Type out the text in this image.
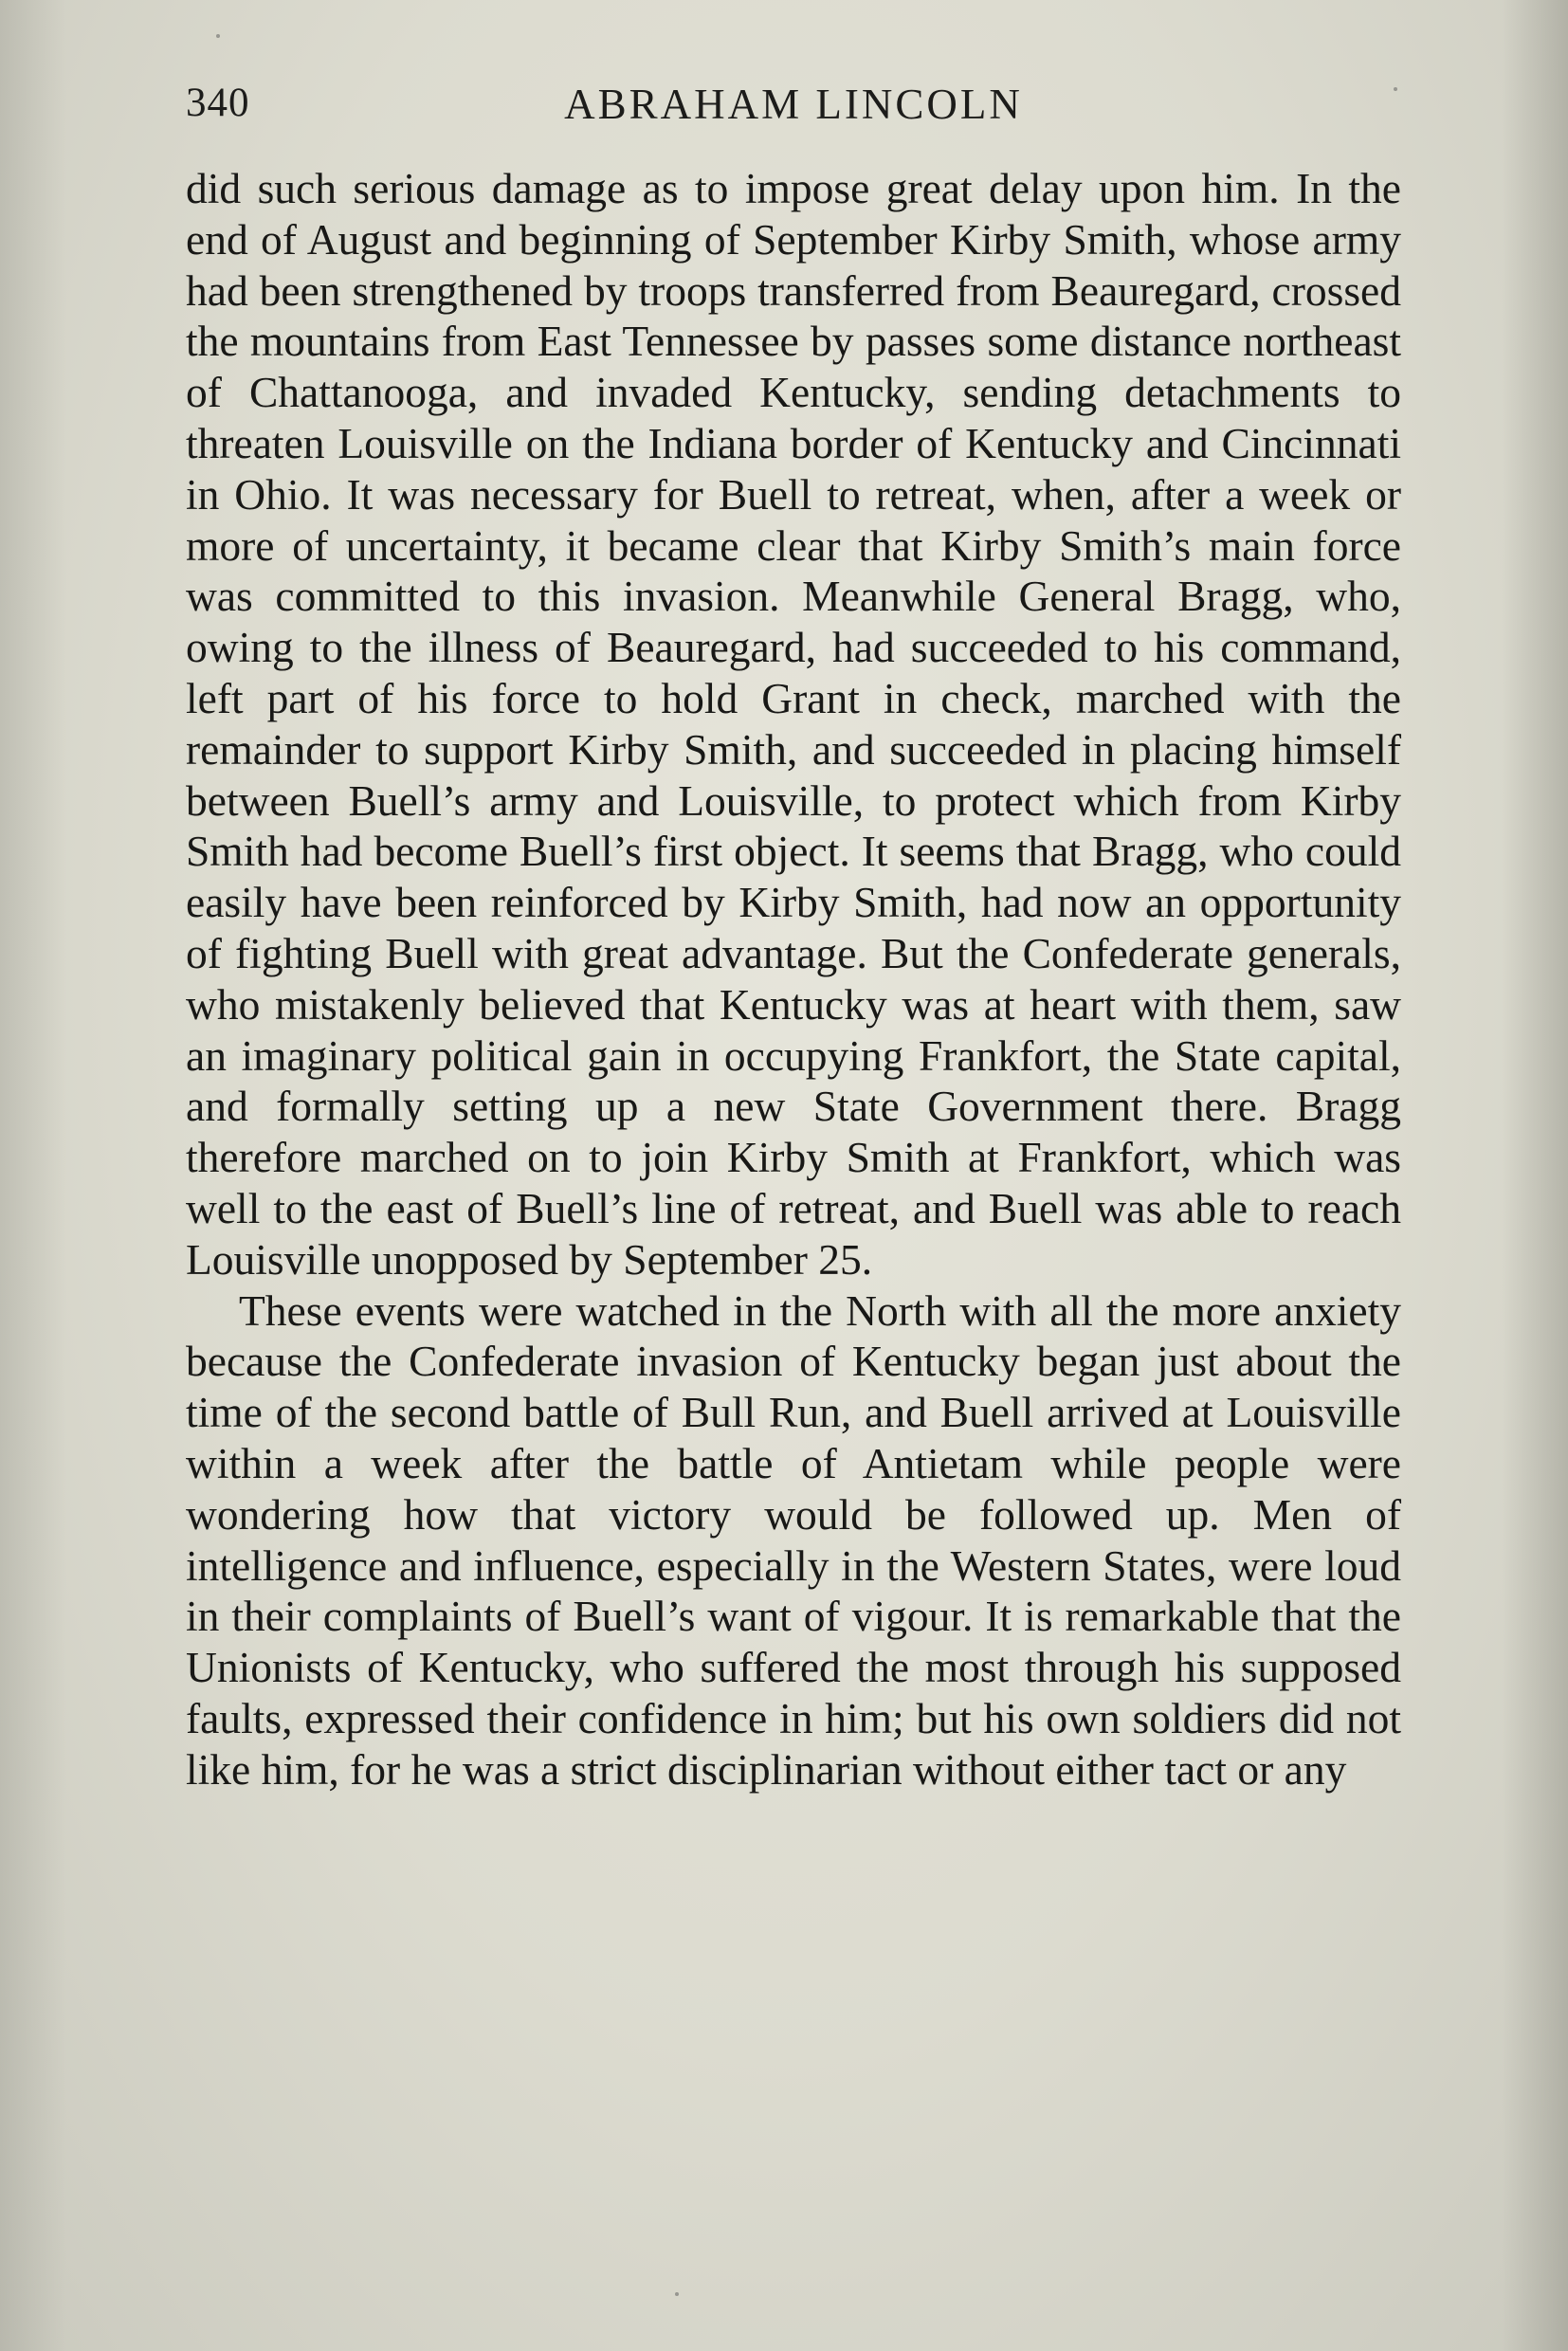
340	ABRAHAM LINCOLN

did such serious damage as to impose great delay upon him. In the end of August and beginning of September Kirby Smith, whose army had been strengthened by troops transferred from Beauregard, crossed the mountains from East Tennessee by passes some distance northeast of Chattanooga, and invaded Kentucky, sending detachments to threaten Louisville on the Indiana border of Kentucky and Cincinnati in Ohio. It was necessary for Buell to retreat, when, after a week or more of uncertainty, it became clear that Kirby Smith’s main force was committed to this invasion. Meanwhile General Bragg, who, owing to the illness of Beauregard, had succeeded to his command, left part of his force to hold Grant in check, marched with the remainder to support Kirby Smith, and succeeded in placing himself between Buell’s army and Louisville, to protect which from Kirby Smith had become Buell’s first object. It seems that Bragg, who could easily have been reinforced by Kirby Smith, had now an opportunity of fighting Buell with great advantage. But the Confederate generals, who mistakenly believed that Kentucky was at heart with them, saw an imaginary political gain in occupying Frankfort, the State capital, and formally setting up a new State Government there. Bragg therefore marched on to join Kirby Smith at Frankfort, which was well to the east of Buell’s line of retreat, and Buell was able to reach Louisville unopposed by September 25.

These events were watched in the North with all the more anxiety because the Confederate invasion of Kentucky began just about the time of the second battle of Bull Run, and Buell arrived at Louisville within a week after the battle of Antietam while people were wondering how that victory would be followed up. Men of intelligence and influence, especially in the Western States, were loud in their complaints of Buell’s want of vigour. It is remarkable that the Unionists of Kentucky, who suffered the most through his supposed faults, expressed their confidence in him; but his own soldiers did not like him, for he was a strict disciplinarian without either tact or any
